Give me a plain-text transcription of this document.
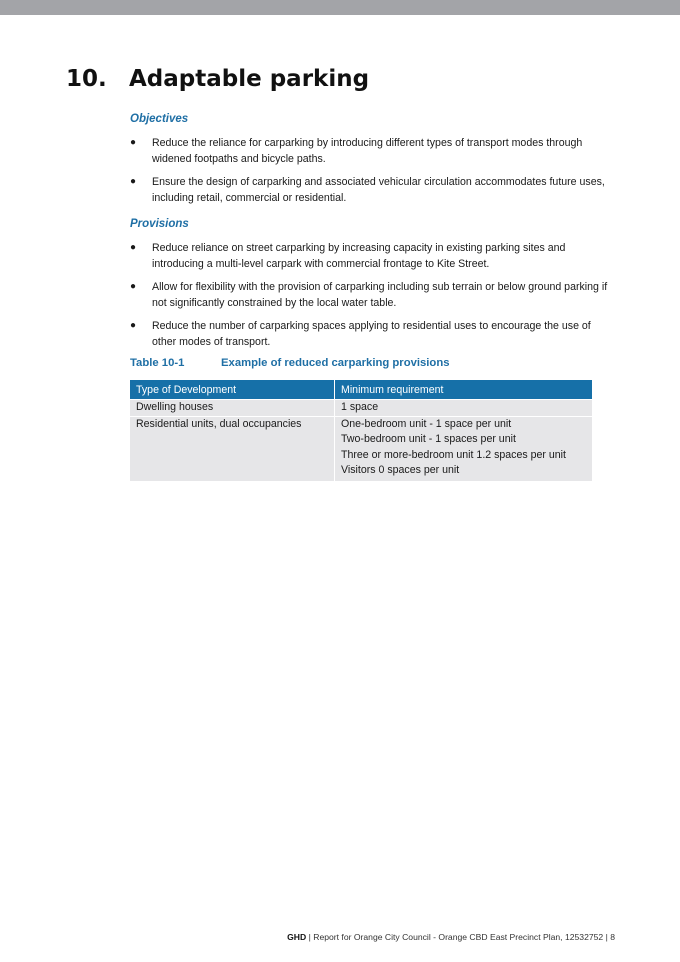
10. Adaptable parking
Objectives
● Reduce the reliance for carparking by introducing different types of transport modes through widened footpaths and bicycle paths.
● Ensure the design of carparking and associated vehicular circulation accommodates future uses, including retail, commercial or residential.
Provisions
● Reduce reliance on street carparking by increasing capacity in existing parking sites and introducing a multi-level carpark with commercial frontage to Kite Street.
● Allow for flexibility with the provision of carparking including sub terrain or below ground parking if not significantly constrained by the local water table.
● Reduce the number of carparking spaces applying to residential uses to encourage the use of other modes of transport.
Table 10-1	Example of reduced carparking provisions
Type of Development	Minimum requirement
Dwelling houses	1 space

Residential units, dual occupancies	One-bedroom unit - 1 space per unit
Two-bedroom unit - 1 spaces per unit
Three or more-bedroom unit 1.2 spaces per unit
Visitors 0 spaces per unit
GHD | Report for Orange City Council - Orange CBD East Precinct Plan, 12532752 | 8
